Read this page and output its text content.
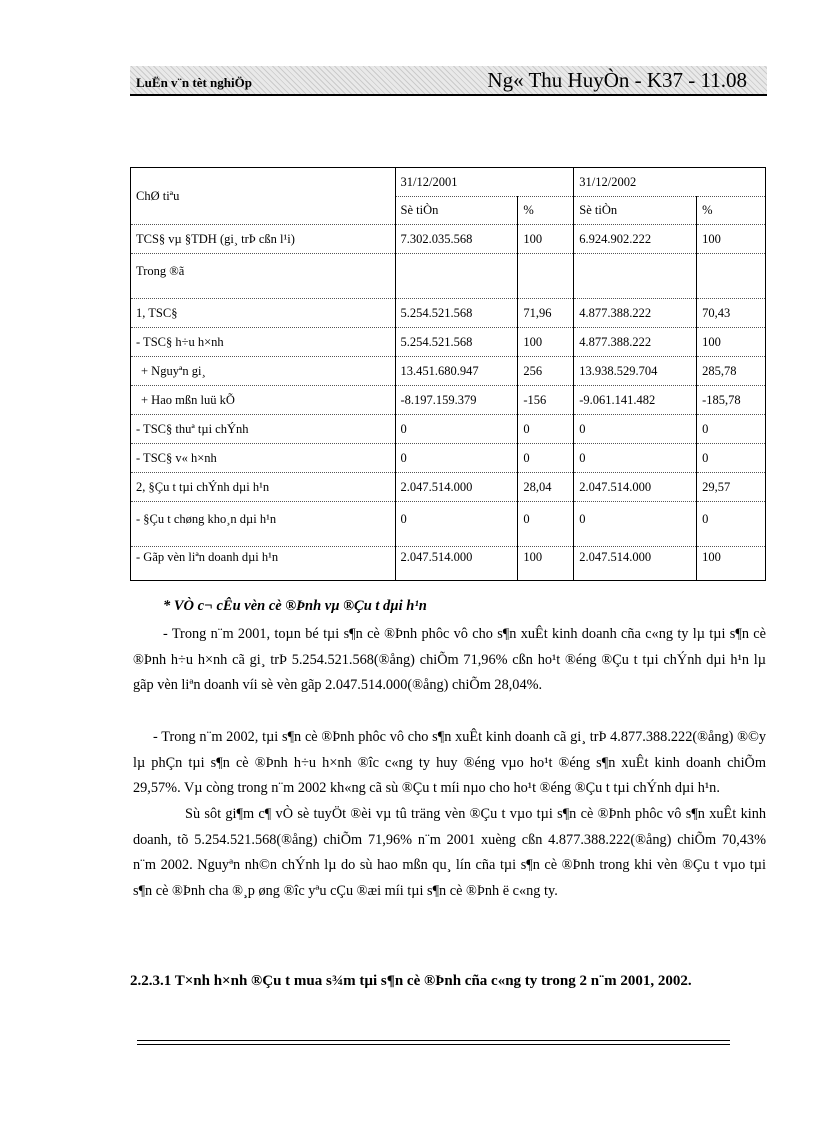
LuËn v¨n tèt nghiÖp	Ng« Thu HuyÒn - K37 - 11.08
ChØ tiªu	31/12/2001		31/12/2002	
	Sè tiÒn	%	Sè tiÒn	%
TCS§ vµ §TDH (gi¸ trÞ cßn l¹i)	7.302.035.568	100	6.924.902.222	100
Trong ®ã				
1, TSC§	5.254.521.568	71,96	4.877.388.222	70,43
- TSC§ h÷u h×nh	5.254.521.568	100	4.877.388.222	100
+ Nguyªn gi¸	13.451.680.947	256	13.938.529.704	285,78
+ Hao mßn luü kÕ	-8.197.159.379	-156	-9.061.141.482	-185,78
- TSC§ thuª tµi chÝnh	0	0	0	0
- TSC§ v« h×nh	0	0	0	0
2, §Çu t tµi chÝnh dµi h¹n	2.047.514.000	28,04	2.047.514.000	29,57
- §Çu t chøng kho¸n dµi h¹n	0	0	0	0
- Gãp vèn liªn doanh dµi h¹n	2.047.514.000	100	2.047.514.000	100
* VÒ c¬ cÊu vèn cè ®Þnh vµ ®Çu t dµi h¹n

- Trong n¨m 2001, toµn bé tµi s¶n cè ®Þnh phôc vô cho s¶n xuÊt kinh doanh cña c«ng ty lµ tµi s¶n cè ®Þnh h÷u h×nh cã gi¸ trÞ 5.254.521.568(®ång) chiÕm 71,96% cßn ho¹t ®éng ®Çu t tµi chÝnh dµi h¹n lµ gãp vèn liªn doanh víi sè vèn gãp 2.047.514.000(®ång) chiÕm 28,04%.

- Trong n¨m 2002, tµi s¶n cè ®Þnh phôc vô cho s¶n xuÊt kinh doanh cã gi¸ trÞ 4.877.388.222(®ång) ®©y lµ phÇn tµi s¶n cè ®Þnh h÷u h×nh ®îc c«ng ty huy ®éng vµo ho¹t ®éng s¶n xuÊt kinh doanh chiÕm 29,57%. Vµ còng trong n¨m 2002 kh«ng cã sù ®Çu t míi nµo cho ho¹t ®éng ®Çu t tµi chÝnh dµi h¹n.

Sù sôt gi¶m c¶ vÒ sè tuyÖt ®èi vµ tû träng vèn ®Çu t vµo tµi s¶n cè ®Þnh phôc vô s¶n xuÊt kinh doanh, tõ 5.254.521.568(®ång) chiÕm 71,96% n¨m 2001 xuèng cßn 4.877.388.222(®ång) chiÕm 70,43% n¨m 2002. Nguyªn nh©n chÝnh lµ do sù hao mßn qu¸ lín cña tµi s¶n cè ®Þnh trong khi vèn ®Çu t vµo tµi s¶n cè ®Þnh cha ®¸p øng ®îc yªu cÇu ®æi míi tµi s¶n cè ®Þnh ë c«ng ty.

2.2.3.1 T×nh h×nh ®Çu t mua s¾m tµi s¶n cè ®Þnh cña c«ng ty trong 2 n¨m 2001, 2002.
